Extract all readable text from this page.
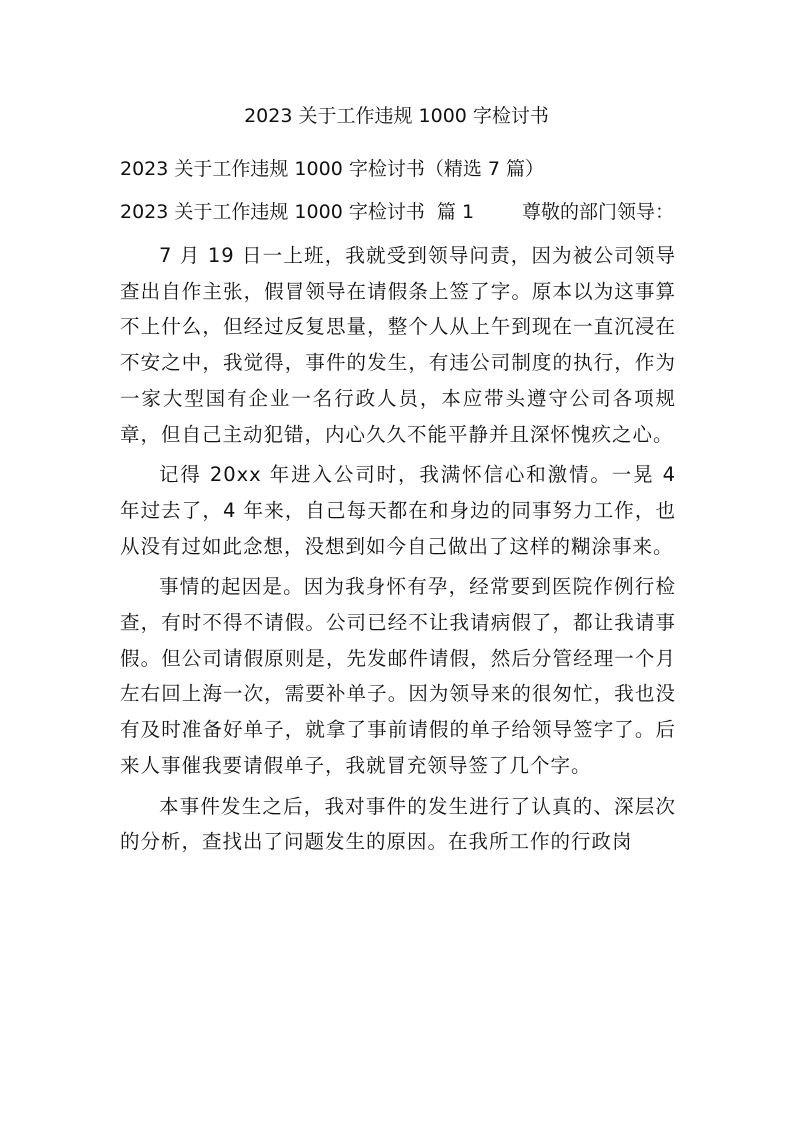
2023 关于工作违规 1000 字检讨书
2023 关于工作违规 1000 字检讨书（精选 7 篇）
2023 关于工作违规 1000 字检讨书  篇 1	尊敬的部门领导：

7 月 19 日一上班，我就受到领导问责，因为被公司领导查出自作主张，假冒领导在请假条上签了字。原本以为这事算不上什么，但经过反复思量，整个人从上午到现在一直沉浸在不安之中，我觉得，事件的发生，有违公司制度的执行，作为一家大型国有企业一名行政人员，本应带头遵守公司各项规章，但自己主动犯错，内心久久不能平静并且深怀愧疚之心。

记得 20xx 年进入公司时，我满怀信心和激情。一晃 4 年过去了，4 年来，自己每天都在和身边的同事努力工作，也从没有过如此念想，没想到如今自己做出了这样的糊涂事来。

事情的起因是。因为我身怀有孕，经常要到医院作例行检查，有时不得不请假。公司已经不让我请病假了，都让我请事假。但公司请假原则是，先发邮件请假，然后分管经理一个月左右回上海一次，需要补单子。因为领导来的很匆忙，我也没有及时准备好单子，就拿了事前请假的单子给领导签字了。后来人事催我要请假单子，我就冒充领导签了几个字。

本事件发生之后，我对事件的发生进行了认真的、深层次的分析，查找出了问题发生的原因。在我所工作的行政岗
